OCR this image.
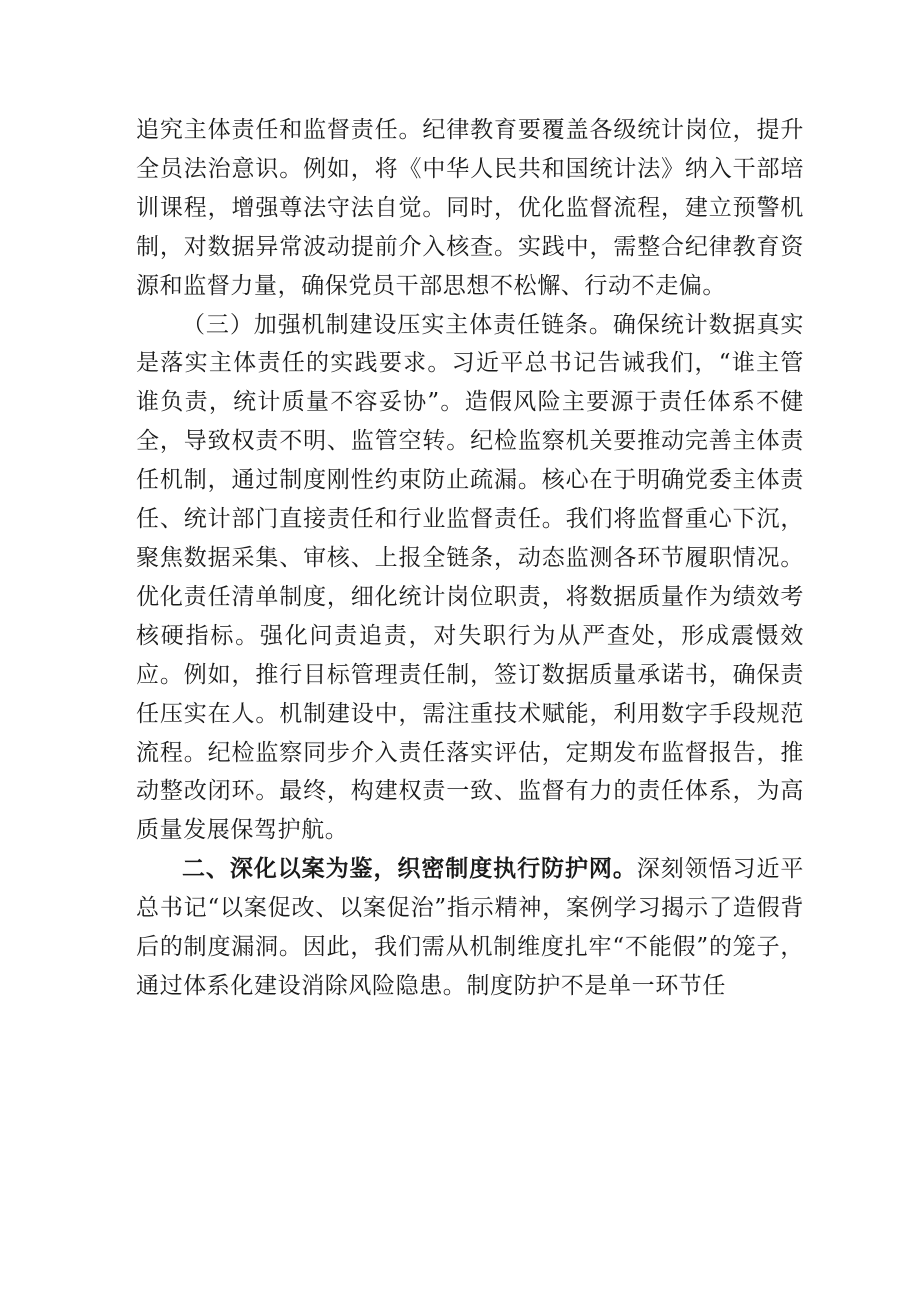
追究主体责任和监督责任。纪律教育要覆盖各级统计岗位，提升全员法治意识。例如，将《中华人民共和国统计法》纳入干部培训课程，增强尊法守法自觉。同时，优化监督流程，建立预警机制，对数据异常波动提前介入核查。实践中，需整合纪律教育资源和监督力量，确保党员干部思想不松懈、行动不走偏。

（三）加强机制建设压实主体责任链条。确保统计数据真实是落实主体责任的实践要求。习近平总书记告诫我们，“谁主管谁负责，统计质量不容妥协”。造假风险主要源于责任体系不健全，导致权责不明、监管空转。纪检监察机关要推动完善主体责任机制，通过制度刚性约束防止疏漏。核心在于明确党委主体责任、统计部门直接责任和行业监督责任。我们将监督重心下沉，聚焦数据采集、审核、上报全链条，动态监测各环节履职情况。优化责任清单制度，细化统计岗位职责，将数据质量作为绩效考核硬指标。强化问责追责，对失职行为从严查处，形成震慑效应。例如，推行目标管理责任制，签订数据质量承诺书，确保责任压实在人。机制建设中，需注重技术赋能，利用数字手段规范流程。纪检监察同步介入责任落实评估，定期发布监督报告，推动整改闭环。最终，构建权责一致、监督有力的责任体系，为高质量发展保驾护航。

二、深化以案为鉴，织密制度执行防护网。深刻领悟习近平总书记“以案促改、以案促治”指示精神，案例学习揭示了造假背后的制度漏洞。因此，我们需从机制维度扎牢“不能假”的笼子，通过体系化建设消除风险隐患。制度防护不是单一环节任
